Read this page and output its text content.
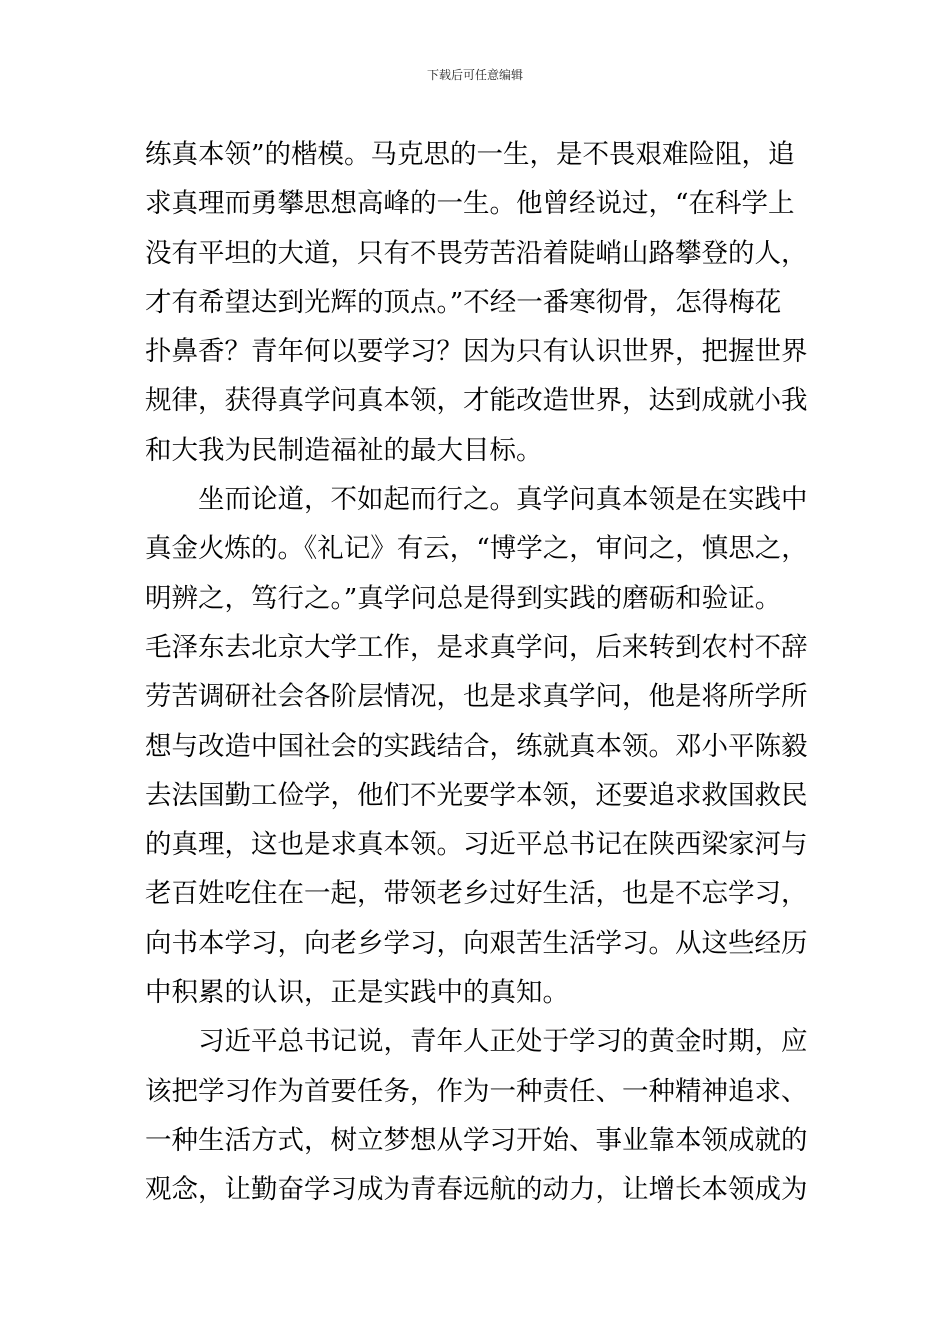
下载后可任意编辑
练真本领”的楷模。马克思的一生，是不畏艰难险阻，追
求真理而勇攀思想高峰的一生。他曾经说过，“在科学上
没有平坦的大道，只有不畏劳苦沿着陡峭山路攀登的人，
才有希望达到光辉的顶点。”不经一番寒彻骨，怎得梅花
扑鼻香？青年何以要学习？因为只有认识世界，把握世界
规律，获得真学问真本领，才能改造世界，达到成就小我
和大我为民制造福祉的最大目标。
坐而论道，不如起而行之。真学问真本领是在实践中
真金火炼的。《礼记》有云，“博学之，审问之，慎思之，
明辨之，笃行之。”真学问总是得到实践的磨砺和验证。
毛泽东去北京大学工作，是求真学问，后来转到农村不辞
劳苦调研社会各阶层情况，也是求真学问，他是将所学所
想与改造中国社会的实践结合，练就真本领。邓小平陈毅
去法国勤工俭学，他们不光要学本领，还要追求救国救民
的真理，这也是求真本领。习近平总书记在陕西梁家河与
老百姓吃住在一起，带领老乡过好生活，也是不忘学习，
向书本学习，向老乡学习，向艰苦生活学习。从这些经历
中积累的认识，正是实践中的真知。
习近平总书记说，青年人正处于学习的黄金时期，应
该把学习作为首要任务，作为一种责任、一种精神追求、
一种生活方式，树立梦想从学习开始、事业靠本领成就的
观念，让勤奋学习成为青春远航的动力，让增长本领成为
